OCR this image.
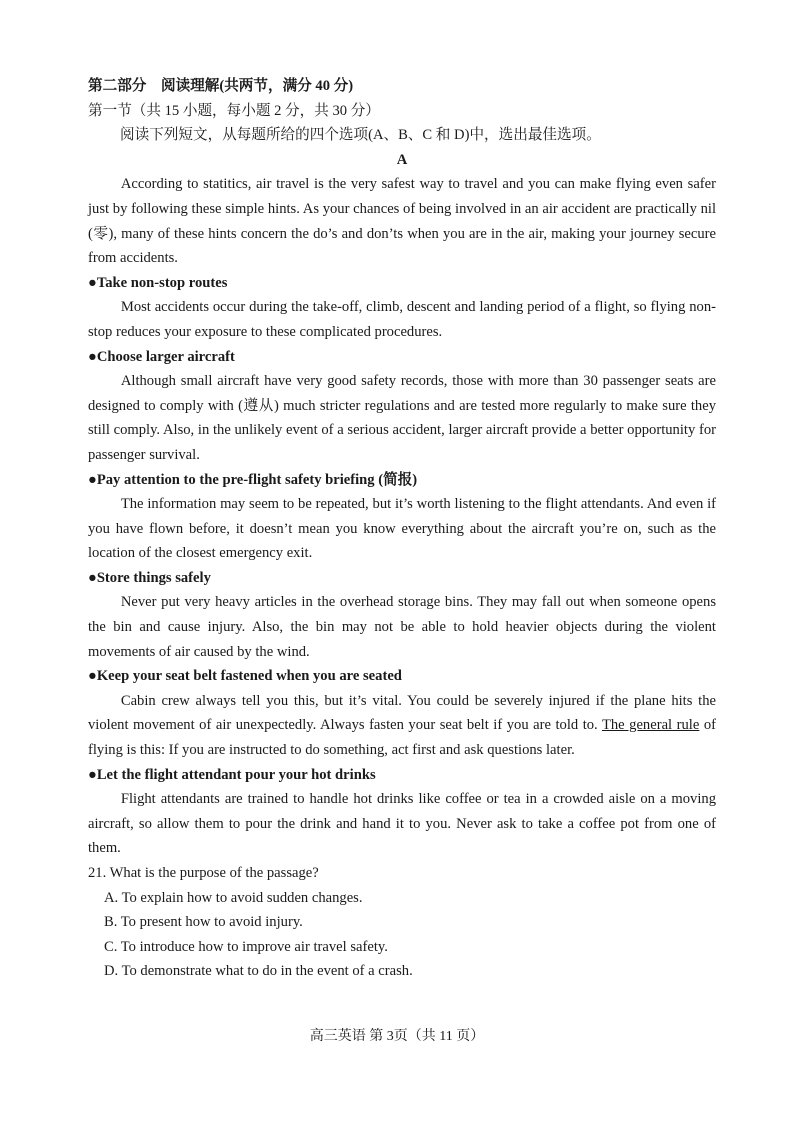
第二部分　阅读理解(共两节，满分 40 分)

第一节（共 15 小题，每小题 2 分，共 30 分）

阅读下列短文，从每题所给的四个选项(A、B、C 和 D)中，选出最佳选项。

A

According to statitics, air travel is the very safest way to travel and you can make flying even safer just by following these simple hints. As your chances of being involved in an air accident are practically nil (零), many of these hints concern the do’s and don’ts when you are in the air, making your journey secure from accidents.

●Take non-stop routes

Most accidents occur during the take-off, climb, descent and landing period of a flight, so flying non-stop reduces your exposure to these complicated procedures.

●Choose larger aircraft

Although small aircraft have very good safety records, those with more than 30 passenger seats are designed to comply with (遵从) much stricter regulations and are tested more regularly to make sure they still comply. Also, in the unlikely event of a serious accident, larger aircraft provide a better opportunity for passenger survival.

●Pay attention to the pre-flight safety briefing (简报)

The information may seem to be repeated, but it’s worth listening to the flight attendants. And even if you have flown before, it doesn’t mean you know everything about the aircraft you’re on, such as the location of the closest emergency exit.

●Store things safely

Never put very heavy articles in the overhead storage bins. They may fall out when someone opens the bin and cause injury. Also, the bin may not be able to hold heavier objects during the violent movements of air caused by the wind.

●Keep your seat belt fastened when you are seated

Cabin crew always tell you this, but it’s vital. You could be severely injured if the plane hits the violent movement of air unexpectedly. Always fasten your seat belt if you are told to. The general rule of flying is this: If you are instructed to do something, act first and ask questions later.

●Let the flight attendant pour your hot drinks

Flight attendants are trained to handle hot drinks like coffee or tea in a crowded aisle on a moving aircraft, so allow them to pour the drink and hand it to you. Never ask to take a coffee pot from one of them.

21. What is the purpose of the passage?

A. To explain how to avoid sudden changes.

B. To present how to avoid injury.

C. To introduce how to improve air travel safety.

D. To demonstrate what to do in the event of a crash.

高三英语 第 3页（共 11 页）
